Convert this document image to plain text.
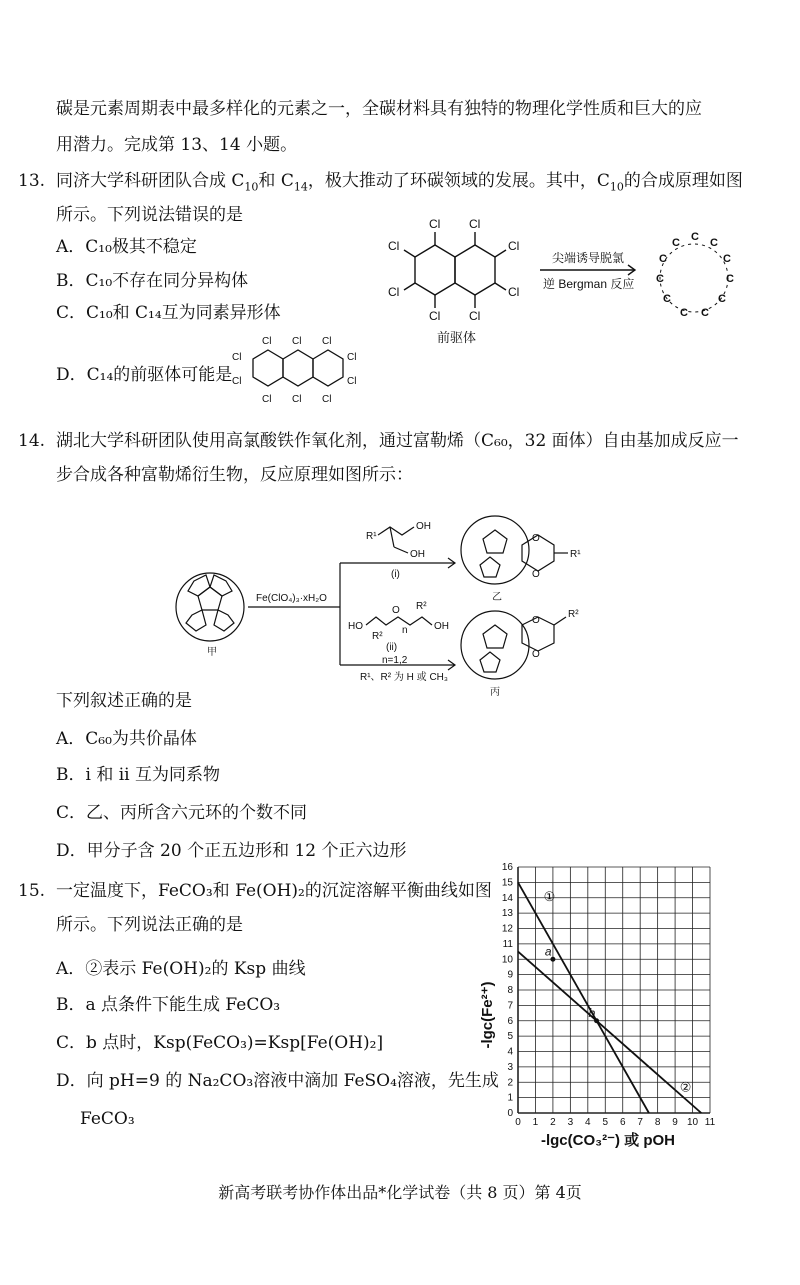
碳是元素周期表中最多样化的元素之一，全碳材料具有独特的物理化学性质和巨大的应
用潜力。完成第 13、14 小题。
13. 同济大学科研团队合成 $C_{10}$和 $C_{14}$，极大推动了环碳领域的发展。其中，$C_{10}$的合成原理如图
所示。下列说法错误的是
A．C₁₀极其不稳定
B．C₁₀不存在同分异构体
C．C₁₀和 C₁₄互为同素异形体
D．C₁₄的前驱体可能是
Cl Cl
Cl	Cl
Cl	Cl
Cl Cl
前驱体
尖端诱导脱氯
逆 Bergman 反应
C C
C
C
C
C
C
C
C
C
C
Cl Cl Cl
Cl	Cl
Cl	Cl
Cl Cl Cl
14. 湖北大学科研团队使用高氯酸铁作氧化剂，通过富勒烯（C₆₀，32 面体）自由基加成反应一
步合成各种富勒烯衍生物，反应原理如图所示：
Fe(ClO₄)₃·xH₂O
甲
乙
丙
(i)
(ii)
n=1,2
R¹、R² 为 H 或 CH₃
R¹
OH
OH
HO
O
n
R²
R²
OH
O
O
R¹
O
O
R²
下列叙述正确的是
A．C₆₀为共价晶体
B．i 和 ii 互为同系物
C．乙、丙所含六元环的个数不同
D．甲分子含 20 个正五边形和 12 个正六边形
15. 一定温度下，FeCO₃和 Fe(OH)₂的沉淀溶解平衡曲线如图
所示。下列说法正确的是
A．②表示 Fe(OH)₂的 Ksp 曲线
B．a 点条件下能生成 FeCO₃
C．b 点时，Ksp(FeCO₃)=Ksp[Fe(OH)₂]
D．向 pH=9 的 Na₂CO₃溶液中滴加 FeSO₄溶液，先生成
FeCO₃	0 1 2 3 4 5 6 7 8 9 10 11
0
1
2
3
4
5
6
7
8
9
10
11
12
13
14
15
16
①
②
a
b
-lgc(Fe²⁺)
-lgc(CO₃²⁻) 或 pOH
新高考联考协作体出品*化学试卷（共 8 页）第 4页
